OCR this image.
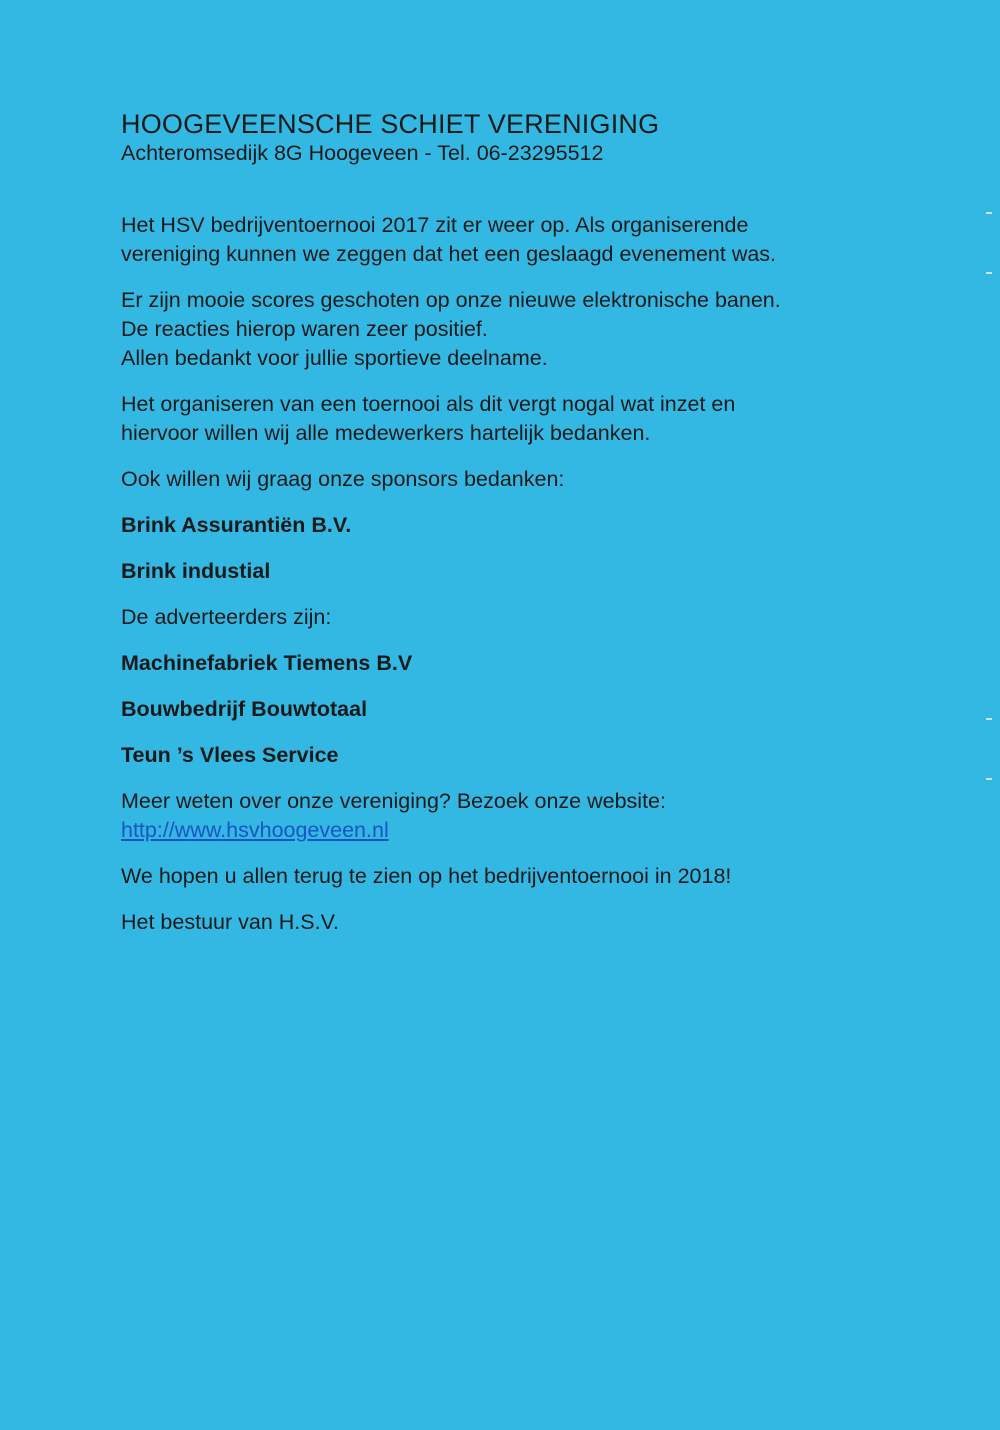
HOOGEVEENSCHE SCHIET VERENIGING

Achteromsedijk 8G Hoogeveen - Tel. 06-23295512

Het HSV bedrijventoernooi 2017 zit er weer op. Als organiserende

vereniging kunnen we zeggen dat het een geslaagd evenement was.

Er zijn mooie scores geschoten op onze nieuwe elektronische banen.

De reacties hierop waren zeer positief.

Allen bedankt voor jullie sportieve deelname.

Het organiseren van een toernooi als dit vergt nogal wat inzet en

hiervoor willen wij alle medewerkers hartelijk bedanken.

Ook willen wij graag onze sponsors bedanken:

Brink Assurantiën B.V.

Brink industial

De adverteerders zijn:

Machinefabriek Tiemens B.V

Bouwbedrijf Bouwtotaal

Teun ’s Vlees Service

Meer weten over onze vereniging? Bezoek onze website:

http://www.hsvhoogeveen.nl

We hopen u allen terug te zien op het bedrijventoernooi in 2018!

Het bestuur van H.S.V.
